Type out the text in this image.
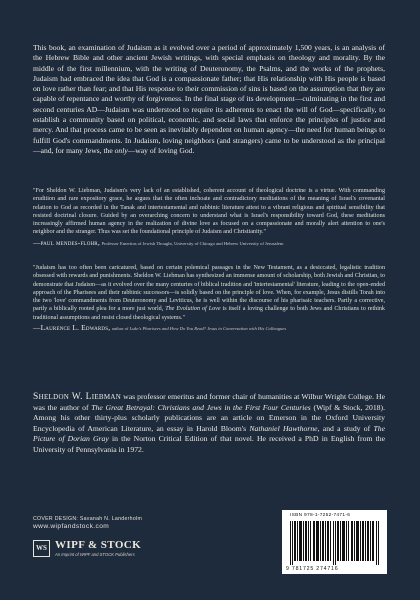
This book, an examination of Judaism as it evolved over a period of approximately 1,500 years, is an analysis of the Hebrew Bible and other ancient Jewish writings, with special emphasis on theology and morality. By the middle of the first millennium, with the writing of Deuteronomy, the Psalms, and the works of the prophets, Judaism had embraced the idea that God is a compassionate father; that His relationship with His people is based on love rather than fear; and that His response to their commission of sins is based on the assumption that they are capable of repentance and worthy of forgiveness. In the final stage of its development—culminating in the first and second centuries AD—Judaism was understood to require its adherents to enact the will of God—specifically, to establish a community based on political, economic, and social laws that enforce the principles of justice and mercy. And that process came to be seen as inevitably dependent on human agency—the need for human beings to fulfill God's commandments. In Judaism, loving neighbors (and strangers) came to be understood as the principal—and, for many Jews, the only—way of loving God.
"For Sheldon W. Liebman, Judaism's very lack of an established, coherent account of theological doctrine is a virtue. With commanding erudition and rare expository grace, he argues that the often inchoate and contradictory meditations of the meaning of Israel's covenantal relation to God as recorded in the Tanak and intertestamental and rabbinic literature attest to a vibrant religious and spiritual sensibility that resisted doctrinal closure. Guided by an overarching concern to understand what is Israel's responsibility toward God, these meditations increasingly affirmed human agency in the realization of divine love as focused on a compassionate and morally alert attention to one's neighbor and the stranger. Thus was set the foundational principle of Judaism and Christianity."
—paul mendes-flohr, Professor Emeritus of Jewish Thought, University of Chicago and Hebrew University of Jerusalem
"Judaism has too often been caricatured, based on certain polemical passages in the New Testament, as a desiccated, legalistic tradition obsessed with rewards and punishments. Sheldon W. Liebman has synthesized an immense amount of scholarship, both Jewish and Christian, to demonstrate that Judaism—as it evolved over the many centuries of biblical tradition and 'intertestamental' literature, leading to the open-ended approach of the Pharisees and their rabbinic successors—is solidly based on the principle of love. When, for example, Jesus distills Torah into the two 'love' commandments from Deuteronomy and Leviticus, he is well within the discourse of his pharisaic teachers. Partly a corrective, partly a biblically rooted plea for a more just world, The Evolution of Love is itself a loving challenge to both Jews and Christians to rethink traditional assumptions and resist closed theological systems."
—Laurence L. Edwards, author of Luke's Pharisees and How Do You Read? Jesus in Conversation with His Colleagues
Sheldon W. Liebman was professor emeritus and former chair of humanities at Wilbur Wright College. He was the author of The Great Betrayal: Christians and Jews in the First Four Centuries (Wipf & Stock, 2018). Among his other thirty-plus scholarly publications are an article on Emerson in the Oxford University Encyclopedia of American Literature, an essay in Harold Bloom's Nathaniel Hawthorne, and a study of The Picture of Dorian Gray in the Norton Critical Edition of that novel. He received a PhD in English from the University of Pennsylvania in 1972.
COVER DESIGN: Savanah N. Landerholm
www.wipfandstock.com
WS WIPF & STOCK
An Imprint of WIPF and STOCK Publishers
ISBN 978-1-7252-7471-6
9 781725 274716
